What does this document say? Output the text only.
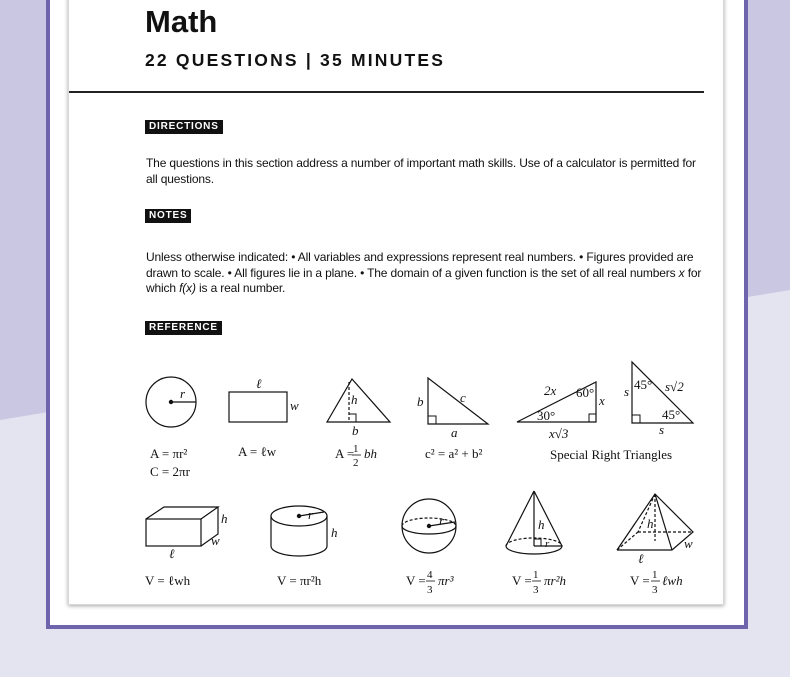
Math
22 QUESTIONS | 35 MINUTES
DIRECTIONS

The questions in this section address a number of important math skills. Use of a calculator is permitted for all questions.

NOTES

Unless otherwise indicated: • All variables and expressions represent real numbers. • Figures provided are drawn to scale. • All figures lie in a plane. • The domain of a given function is the set of all real numbers x for which f(x) is a real number.

REFERENCE
r
A = πr²
C = 2πr
ℓ
w
A = ℓw
h
b
A =
1
2
bh
b	c
a
c² = a² + b²
2x 60°
x
30°
x√3
s 45° s√2
45°
s
Special Right Triangles
h
w
ℓ
V = ℓwh
r
h
V = πr²h
r
V = 4
3
πr³
h
r
V = 1
3
πr²h
h
w
ℓ
V = 1
3
ℓwh
